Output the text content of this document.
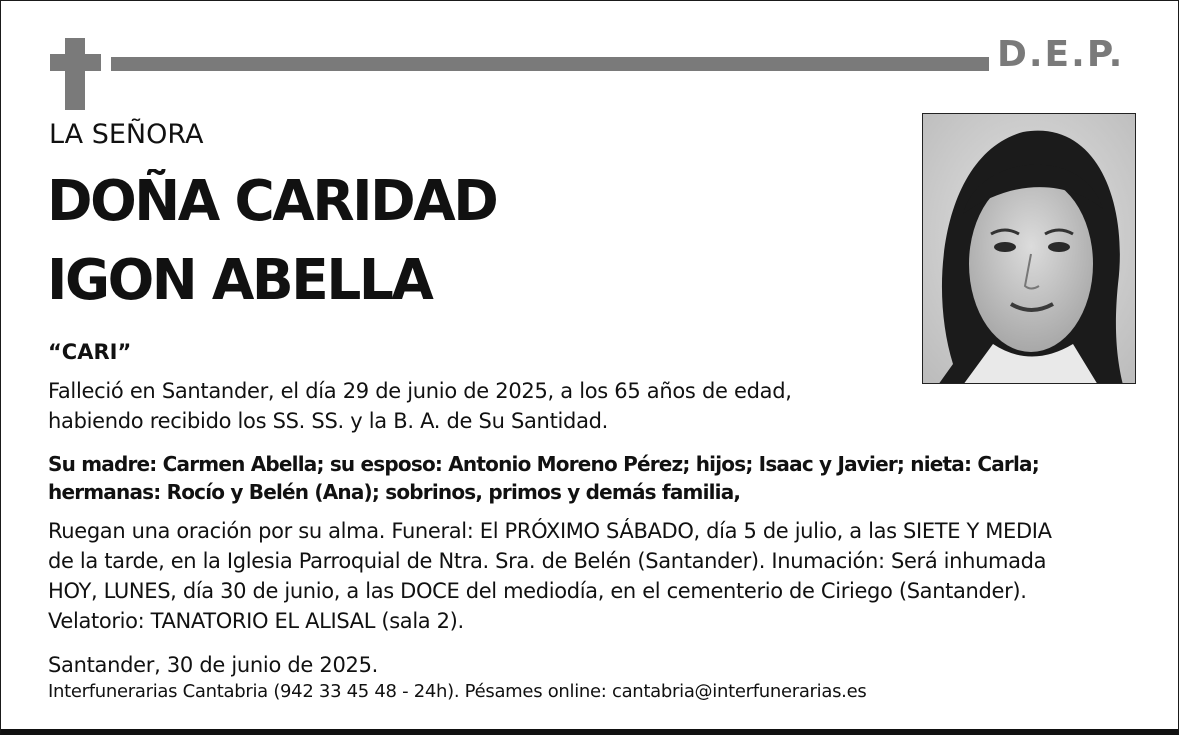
D.E.P.
LA SEÑORA
DOÑA CARIDAD
IGON ABELLA
“CARI”
Falleció en Santander, el día 29 de junio de 2025, a los 65 años de edad,
habiendo recibido los SS. SS. y la B. A. de Su Santidad.
Su madre: Carmen Abella; su esposo: Antonio Moreno Pérez; hijos; Isaac y Javier; nieta: Carla;
hermanas: Rocío y Belén (Ana); sobrinos, primos y demás familia,
Ruegan una oración por su alma. Funeral: El PRÓXIMO SÁBADO, día 5 de julio, a las SIETE Y MEDIA
de la tarde, en la Iglesia Parroquial de Ntra. Sra. de Belén (Santander). Inumación: Será inhumada
HOY, LUNES, día 30 de junio, a las DOCE del mediodía, en el cementerio de Ciriego (Santander).
Velatorio: TANATORIO EL ALISAL (sala 2).
Santander, 30 de junio de 2025.
Interfunerarias Cantabria (942 33 45 48 - 24h). Pésames online: cantabria@interfunerarias.es
